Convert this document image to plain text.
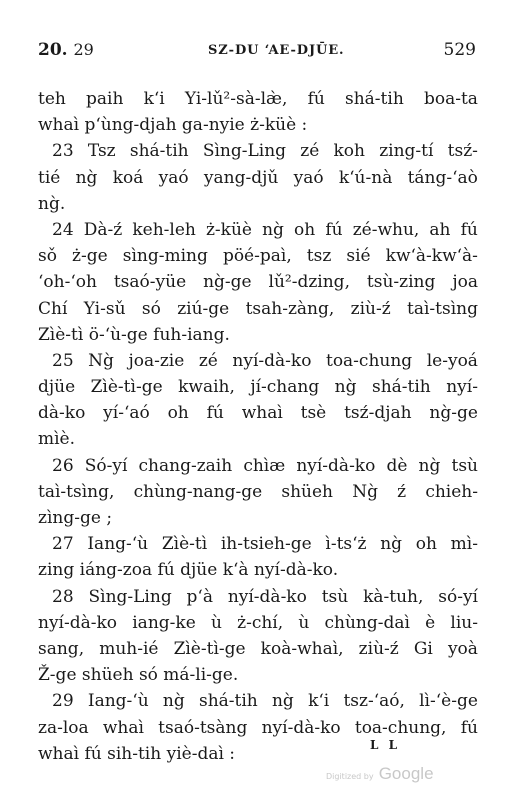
20. 29	SZ-DU ‘AE-DJŪE.	529
teh paih k‘i Yi-lǔ²-sà-læ̀, fú shá-tih boa-ta
whaì p‘ùng-djah ga-nyie ż-küè :
23 Tsz shá-tih Sìng-Ling zé koh zing-tí tsź-
tié ng̀ koá yaó yang-djǔ yaó k‘ú-nà táng-‘aò
ng̀.
24 Dà-ź keh-leh ż-küè ng̀ oh fú zé-whu, ah fú
sǒ ż-ge sìng-ming pöé-paì, tsz sié kw‘à-kw‘à-
‘oh-‘oh tsaó-yüe ng̀-ge lǔ²-dzing, tsù-zing joa
Chí Yi-sǔ só ziú-ge tsah-zàng, ziù-ź taì-tsìng
Zìè-tì ö-‘ù-ge fuh-iang.
25 Ng̀ joa-zie zé nyí-dà-ko toa-chung le-yoá
djüe Zìè-tì-ge kwaih, jí-chang ng̀ shá-tih nyí-
dà-ko yí-‘aó oh fú whaì tsè tsź-djah ng̀-ge
mìè.
26 Só-yí chang-zaih chìæ nyí-dà-ko dè ng̀ tsù
taì-tsìng, chùng-nang-ge shüeh Ng̀ ź chieh-
zìng-ge ;
27 Iang-‘ù Zìè-tì ih-tsieh-ge ì-ts‘ż ng̀ oh mì-
zing iáng-zoa fú djüe k‘à nyí-dà-ko.
28 Sìng-Ling p‘à nyí-dà-ko tsù kà-tuh, só-yí
nyí-dà-ko iang-ke ù ż-chí, ù chùng-daì è liu-
sang, muh-ié Zìè-tì-ge koà-whaì, ziù-ź Gi yoà
Ž-ge shüeh só má-li-ge.
29 Iang-‘ù ng̀ shá-tih ng̀ k‘i tsz-‘aó, lì-‘è-ge
za-loa whaì tsaó-tsàng nyí-dà-ko toa-chung, fú
whaì fú sih-tih yiè-daì :	L L
Digitized by Google
